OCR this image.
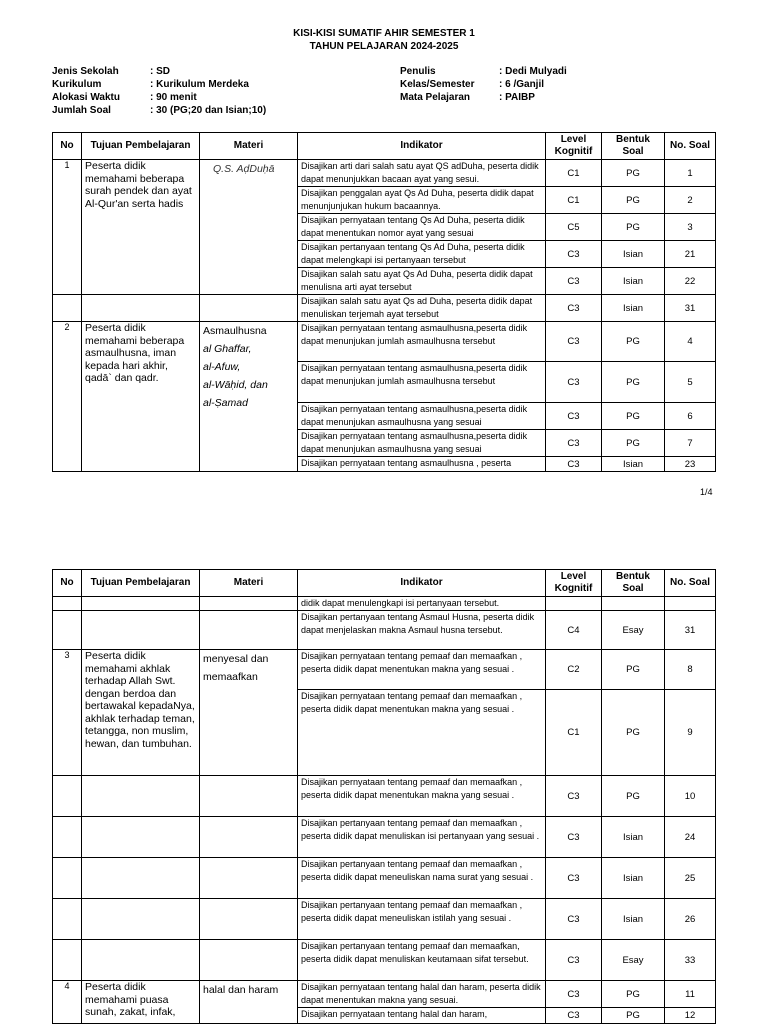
KISI-KISI SUMATIF AHIR SEMESTER 1
TAHUN PELAJARAN 2024-2025
Jenis Sekolah	: SD
Kurikulum	: Kurikulum Merdeka
Alokasi Waktu	: 90 menit
Jumlah Soal	: 30 (PG;20 dan Isian;10)
Penulis	: Dedi Mulyadi
Kelas/Semester : 6 /Ganjil
Mata Pelajaran	: PAIBP
No	Tujuan Pembelajaran	Materi	Indikator	Level Kognitif	Bentuk Soal	No. Soal
1	Peserta didik memahami beberapa surah pendek dan ayat Al-Qur'an serta hadis	Q.S. AḍDuḥā	Disajikan arti dari salah satu ayat QS adDuha, peserta didik dapat menunjukkan bacaan ayat yang sesui.	C1	PG	1
			Disajikan penggalan ayat Qs Ad Duha, peserta didik dapat menunjunjukan hukum bacaannya.	C1	PG	2
			Disajikan pernyataan tentang Qs Ad Duha, peserta didik dapat menentukan nomor ayat yang sesuai	C5	PG	3
			Disajikan pertanyaan tentang Qs Ad Duha, peserta didik dapat melengkapi isi pertanyaan tersebut	C3	Isian	21
			Disajikan salah satu ayat Qs Ad Duha, peserta didik dapat menulisna arti ayat tersebut	C3	Isian	22
			Disajikan salah satu ayat Qs ad Duha, peserta didik dapat menuliskan terjemah ayat tersebut	C3	Isian	31
2	Peserta didik memahami beberapa asmaulhusna, iman kepada hari akhir, qadā` dan qadr.	Asmaulhusna
al Ghaffar,
al-Afuw,
al-Wāḥid, dan
al-Ṣamad	Disajikan pernyataan tentang asmaulhusna,peserta didik dapat menunjukan jumlah asmaulhusna tersebut	C3	PG	4
			Disajikan pernyataan tentang asmaulhusna,peserta didik dapat menunjukan jumlah asmaulhusna tersebut	C3	PG	5
			Disajikan pernyataan tentang asmaulhusna,peserta didik dapat menunjukan asmaulhusna yang sesuai	C3	PG	6
			Disajikan pernyataan tentang asmaulhusna,peserta didik dapat menunjukan asmaulhusna yang sesuai	C3	PG	7
			Disajikan pernyataan tentang asmaulhusna , peserta	C3	Isian	23
1/4
No	Tujuan Pembelajaran	Materi	Indikator	Level Kognitif	Bentuk Soal	No. Soal
			didik dapat menulengkapi isi pertanyaan tersebut.			
			Disajikan pertanyaan tentang Asmaul Husna, peserta didik dapat menjelaskan makna Asmaul husna tersebut.	C4	Esay	31
3	Peserta didik memahami akhlak terhadap Allah Swt. dengan berdoa dan bertawakal kepadaNya, akhlak terhadap teman, tetangga, non muslim, hewan, dan tumbuhan.	menyesal dan memaafkan	Disajikan pernyataan tentang pemaaf dan memaafkan , peserta didik dapat menentukan makna yang sesuai .	C2	PG	8
			Disajikan pernyataan tentang pemaaf dan memaafkan , peserta didik dapat menentukan makna yang sesuai .	C1	PG	9
			Disajikan pernyataan tentang pemaaf dan memaafkan , peserta didik dapat menentukan makna yang sesuai .	C3	PG	10
			Disajikan pertanyaan tentang pemaaf dan memaafkan , peserta didik dapat menuliskan isi pertanyaan yang sesuai .	C3	Isian	24
			Disajikan pertanyaan tentang pemaaf dan memaafkan , peserta didik dapat meneuliskan nama surat yang sesuai .	C3	Isian	25
			Disajikan pertanyaan tentang pemaaf dan memaafkan , peserta didik dapat meneuliskan istilah yang sesuai .	C3	Isian	26
			Disajikan pertanyaan tentang pemaaf dan memaafkan, peserta didik dapat menuliskan keutamaan sifat tersebut.	C3	Esay	33
4	Peserta didik memahami puasa sunah, zakat, infak,	halal dan haram	Disajikan pernyataan tentang halal dan haram, peserta didik dapat menentukan makna yang sesuai.	C3	PG	11
			Disajikan pernyataan tentang halal dan haram,	C3	PG	12
